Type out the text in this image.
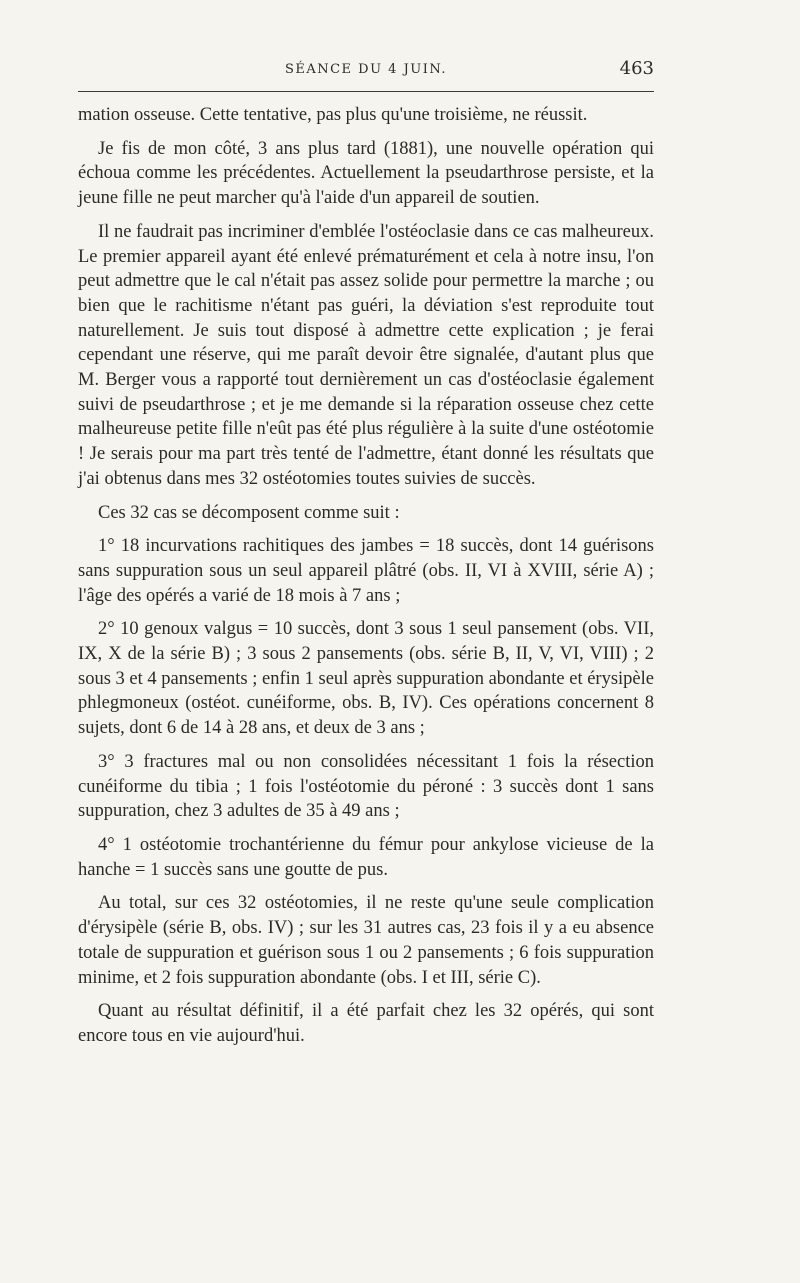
SÉANCE DU 4 JUIN.	463

mation osseuse. Cette tentative, pas plus qu'une troisième, ne réussit.

Je fis de mon côté, 3 ans plus tard (1881), une nouvelle opération qui échoua comme les précédentes. Actuellement la pseudarthrose persiste, et la jeune fille ne peut marcher qu'à l'aide d'un appareil de soutien.

Il ne faudrait pas incriminer d'emblée l'ostéoclasie dans ce cas malheureux. Le premier appareil ayant été enlevé prématurément et cela à notre insu, l'on peut admettre que le cal n'était pas assez solide pour permettre la marche ; ou bien que le rachitisme n'étant pas guéri, la déviation s'est reproduite tout naturellement. Je suis tout disposé à admettre cette explication ; je ferai cependant une réserve, qui me paraît devoir être signalée, d'autant plus que M. Berger vous a rapporté tout dernièrement un cas d'ostéoclasie également suivi de pseudarthrose ; et je me demande si la réparation osseuse chez cette malheureuse petite fille n'eût pas été plus régulière à la suite d'une ostéotomie ! Je serais pour ma part très tenté de l'admettre, étant donné les résultats que j'ai obtenus dans mes 32 ostéotomies toutes suivies de succès.

Ces 32 cas se décomposent comme suit :

1° 18 incurvations rachitiques des jambes = 18 succès, dont 14 guérisons sans suppuration sous un seul appareil plâtré (obs. II, VI à XVIII, série A) ; l'âge des opérés a varié de 18 mois à 7 ans ;

2° 10 genoux valgus = 10 succès, dont 3 sous 1 seul pansement (obs. VII, IX, X de la série B) ; 3 sous 2 pansements (obs. série B, II, V, VI, VIII) ; 2 sous 3 et 4 pansements ; enfin 1 seul après suppuration abondante et érysipèle phlegmoneux (ostéot. cunéiforme, obs. B, IV). Ces opérations concernent 8 sujets, dont 6 de 14 à 28 ans, et deux de 3 ans ;

3° 3 fractures mal ou non consolidées nécessitant 1 fois la résection cunéiforme du tibia ; 1 fois l'ostéotomie du péroné : 3 succès dont 1 sans suppuration, chez 3 adultes de 35 à 49 ans ;

4° 1 ostéotomie trochantérienne du fémur pour ankylose vicieuse de la hanche = 1 succès sans une goutte de pus.

Au total, sur ces 32 ostéotomies, il ne reste qu'une seule complication d'érysipèle (série B, obs. IV) ; sur les 31 autres cas, 23 fois il y a eu absence totale de suppuration et guérison sous 1 ou 2 pansements ; 6 fois suppuration minime, et 2 fois suppuration abondante (obs. I et III, série C).

Quant au résultat définitif, il a été parfait chez les 32 opérés, qui sont encore tous en vie aujourd'hui.
